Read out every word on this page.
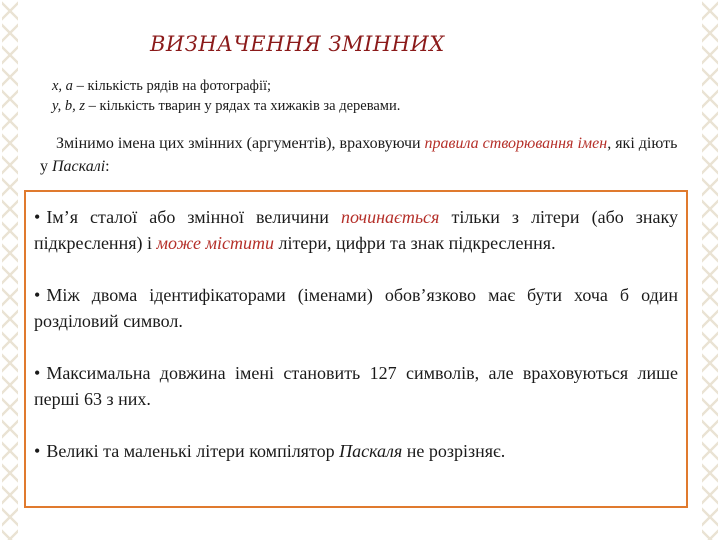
ВИЗНАЧЕННЯ ЗМІННИХ
x, a – кількість рядів на фотографії;
y, b, z – кількість тварин у рядах та хижаків за деревами.
Змінимо імена цих змінних (аргументів), враховуючи правила створювання імен, які діють у Паскалі:

• Ім’я сталої або змінної величини починається тільки з літери (або знаку підкреслення) і може містити літери, цифри та знак підкреслення.

• Між двома ідентифікаторами (іменами) обов’язково має бути хоча б один розділовий символ.

• Максимальна довжина імені становить 127 символів, але враховуються лише перші 63 з них.

• Великі та маленькі літери компілятор Паскаля не розрізняє.
